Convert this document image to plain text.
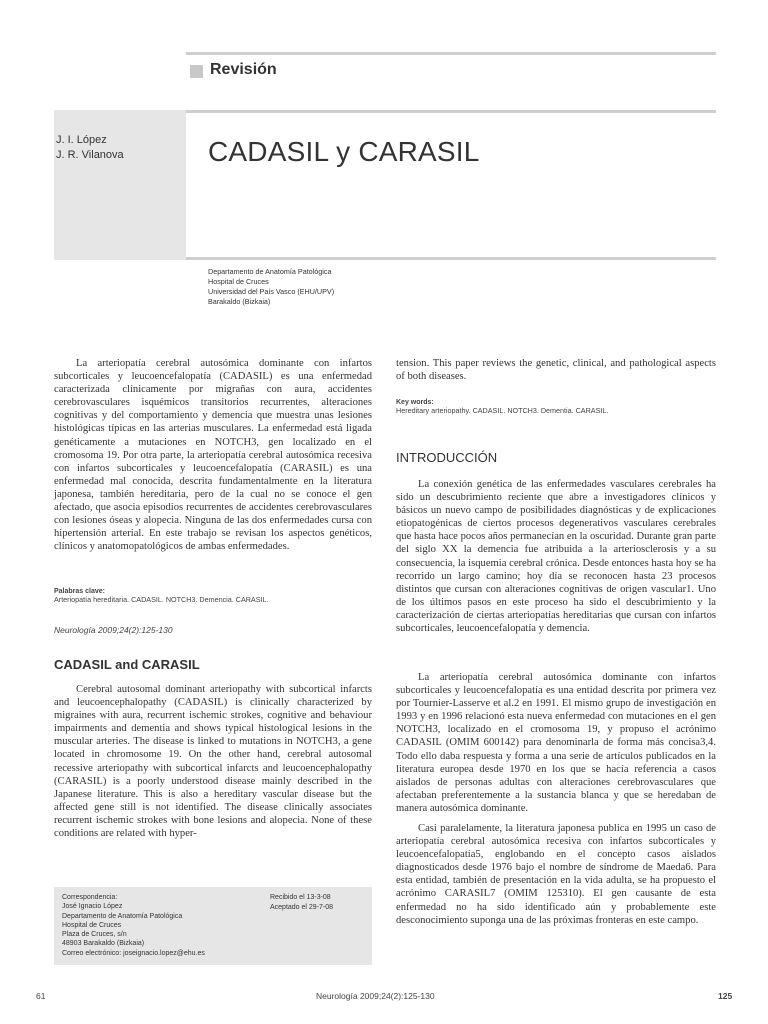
Revisión
J. I. López
J. R. Vilanova	CADASIL y CARASIL
Departamento de Anatomía Patológica
Hospital de Cruces
Universidad del País Vasco (EHU/UPV)
Barakaldo (Bizkaia)

La arteriopatía cerebral autosómica dominante con infartos subcorticales y leucoencefalopatía (CADASIL) es una enfermedad caracterizada clínicamente por migrañas con aura, accidentes cerebrovasculares isquémicos transitorios recurrentes, alteraciones cognitivas y del comportamiento y demencia que muestra unas lesiones histológicas típicas en las arterias musculares. La enfermedad está ligada genéticamente a mutaciones en NOTCH3, gen localizado en el cromosoma 19. Por otra parte, la arteriopatía cerebral autosómica recesiva con infartos subcorticales y leucoencefalopatía (CARASIL) es una enfermedad mal conocida, descrita fundamentalmente en la literatura japonesa, también hereditaria, pero de la cual no se conoce el gen afectado, que asocia episodios recurrentes de accidentes cerebrovasculares con lesiones óseas y alopecia. Ninguna de las dos enfermedades cursa con hipertensión arterial. En este trabajo se revisan los aspectos genéticos, clínicos y anatomopatológicos de ambas enfermedades.

Palabras clave:
Arteriopatía hereditaria. CADASIL. NOTCH3. Demencia. CARASIL.
Neurología 2009;24(2):125-130
CADASIL and CARASIL

Cerebral autosomal dominant arteriopathy with subcortical infarcts and leucoencephalopathy (CADASIL) is clinically characterized by migraines with aura, recurrent ischemic strokes, cognitive and behaviour impairments and dementia and shows typical histological lesions in the muscular arteries. The disease is linked to mutations in NOTCH3, a gene located in chromosome 19. On the other hand, cerebral autosomal recessive arteriopathy with subcortical infarcts and leucoencephalopathy (CARASIL) is a poorly understood disease mainly described in the Japanese literature. This is also a hereditary vascular disease but the affected gene still is not identified. The disease clinically associates recurrent ischemic strokes with bone lesions and alopecia. None of these conditions are related with hyper-

Correspondencia:
José Ignacio López
Departamento de Anatomía Patológica
Hospital de Cruces
Plaza de Cruces, s/n
48903 Barakaldo (Bizkaia)
Correo electrónico: joseignacio.lopez@ehu.es
Recibido el 13-3-08
Aceptado el 29-7-08

tension. This paper reviews the genetic, clinical, and pathological aspects of both diseases.

Key words:
Hereditary arteriopathy. CADASIL. NOTCH3. Dementia. CARASIL.
INTRODUCCIÓN

La conexión genética de las enfermedades vasculares cerebrales ha sido un descubrimiento reciente que abre a investigadores clínicos y básicos un nuevo campo de posibilidades diagnósticas y de explicaciones etiopatogénicas de ciertos procesos degenerativos vasculares cerebrales que hasta hace pocos años permanecían en la oscuridad. Durante gran parte del siglo XX la demencia fue atribuida a la arteriosclerosis y a su consecuencia, la isquemia cerebral crónica. Desde entonces hasta hoy se ha recorrido un largo camino; hoy día se reconocen hasta 23 procesos distintos que cursan con alteraciones cognitivas de origen vascular1. Uno de los últimos pasos en este proceso ha sido el descubrimiento y la caracterización de ciertas arteriopatías hereditarias que cursan con infartos subcorticales, leucoencefalopatía y demencia.

La arteriopatía cerebral autosómica dominante con infartos subcorticales y leucoencefalopatía es una entidad descrita por primera vez por Tournier-Lasserve et al.2 en 1991. El mismo grupo de investigación en 1993 y en 1996 relacionó esta nueva enfermedad con mutaciones en el gen NOTCH3, localizado en el cromosoma 19, y propuso el acrónimo CADASIL (OMIM 600142) para denominarla de forma más concisa3,4. Todo ello daba respuesta y forma a una serie de artículos publicados en la literatura europea desde 1970 en los que se hacía referencia a casos aislados de personas adultas con alteraciones cerebrovasculares que afectaban preferentemente a la sustancia blanca y que se heredaban de manera autosómica dominante.

Casi paralelamente, la literatura japonesa publica en 1995 un caso de arteriopatía cerebral autosómica recesiva con infartos subcorticales y leucoencefalopatía5, englobando en el concepto casos aislados diagnosticados desde 1976 bajo el nombre de síndrome de Maeda6. Para esta entidad, también de presentación en la vida adulta, se ha propuesto el acrónimo CARASIL7 (OMIM 125310). El gen causante de esta enfermedad no ha sido identificado aún y probablemente este desconocimiento suponga una de las próximas fronteras en este campo.

61	Neurología 2009;24(2):125-130	125
